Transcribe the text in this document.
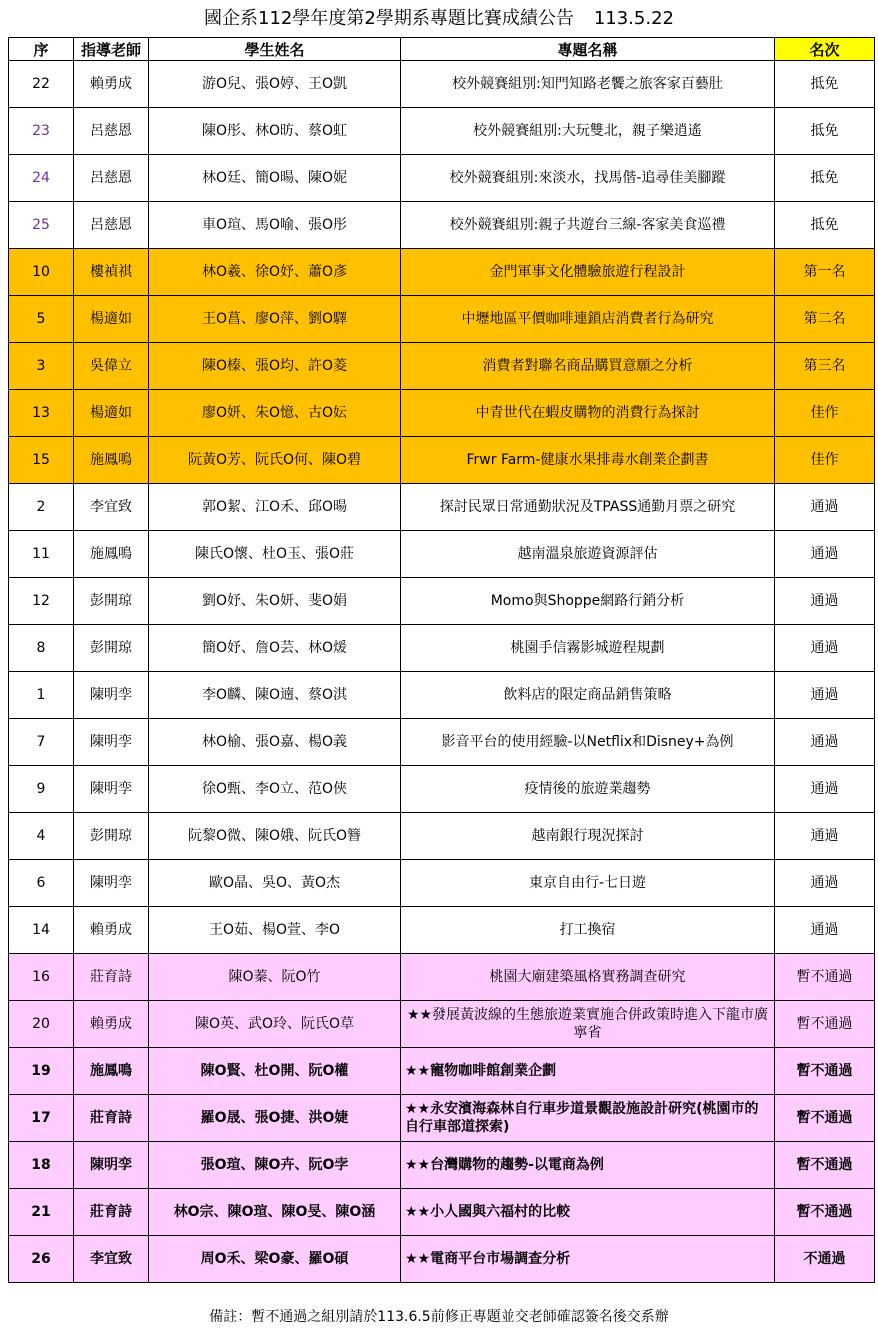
國企系112學年度第2學期系專題比賽成績公告 113.5.22
序	指導老師	學生姓名	專題名稱	名次
22	賴勇成	游O兒、張O婷、王O凱	校外競賽組別:知門知路老饗之旅客家百藝肚	抵免
23	呂慈恩	陳O彤、林O昉、蔡O虹	校外競賽組別:大玩雙北，親子樂逍遙	抵免
24	呂慈恩	林O廷、簡O暘、陳O妮	校外競賽組別:來淡水，找馬偕-追尋佳美腳蹤	抵免
25	呂慈恩	車O瑄、馬O喻、張O彤	校外競賽組別:親子共遊台三線-客家美食巡禮	抵免
10	樓禎祺	林O羲、徐O妤、蕭O彥	金門軍事文化體驗旅遊行程設計	第一名
5	楊適如	王O菖、廖O萍、劉O驛	中壢地區平價咖啡連鎖店消費者行為研究	第二名
3	吳偉立	陳O榛、張O均、許O菱	消費者對聯名商品購買意願之分析	第三名
13	楊適如	廖O妍、朱O憶、古O妘	中青世代在蝦皮購物的消費行為探討	佳作
15	施鳳鳴	阮黃O芳、阮氏O何、陳O碧	Frwr Farm-健康水果排毒水創業企劃書	佳作
2	李宜致	郭O絜、江O禾、邱O暘	探討民眾日常通勤狀況及TPASS通勤月票之研究	通過
11	施鳳鳴	陳氏O懷、杜O玉、張O莊	越南溫泉旅遊資源評估	通過
12	彭開琼	劉O妤、朱O妍、斐O娟	Momo與Shoppe網路行銷分析	通過
8	彭開琼	簡O妤、詹O芸、林O煖	桃園手信霧影城遊程規劃	通過
1	陳明孪	李O麟、陳O遖、蔡O淇	飲料店的限定商品銷售策略	通過
7	陳明孪	林O榆、張O嘉、楊O義	影音平台的使用經驗-以Netflix和Disney+為例	通過
9	陳明孪	徐O甄、李O立、范O俠	疫情後的旅遊業趨勢	通過
4	彭開琼	阮黎O微、陳O娥、阮氏O簪	越南銀行現況探討	通過
6	陳明孪	歐O晶、吳O、黃O杰	東京自由行-七日遊	通過
14	賴勇成	王O茹、楊O萱、李O	打工換宿	通過
16	莊育詩	陳O蓁、阮O竹	桃園大廟建築風格實務調查研究	暫不通過
20	賴勇成	陳O英、武O玲、阮氏O草	★★發展黃波線的生態旅遊業實施合併政策時進入下龍市廣寧省	暫不通過
19	施鳳鳴	陳O賢、杜O開、阮O權	★★寵物咖啡館創業企劃	暫不通過
17	莊育詩	羅O晟、張O捷、洪O婕	★★永安濱海森林自行車步道景觀設施設計研究(桃園市的自行車部道探索)	暫不通過
18	陳明孪	張O瑄、陳O卉、阮O孛	★★台灣購物的趨勢-以電商為例	暫不通過
21	莊育詩	林O宗、陳O瑄、陳O旻、陳O涵	★★小人國與六福村的比較	暫不通過
26	李宜致	周O禾、梁O豪、羅O碩	★★電商平台市場調查分析	不通過
備註：暫不通過之組別請於113.6.5前修正專題並交老師確認簽名後交系辦
